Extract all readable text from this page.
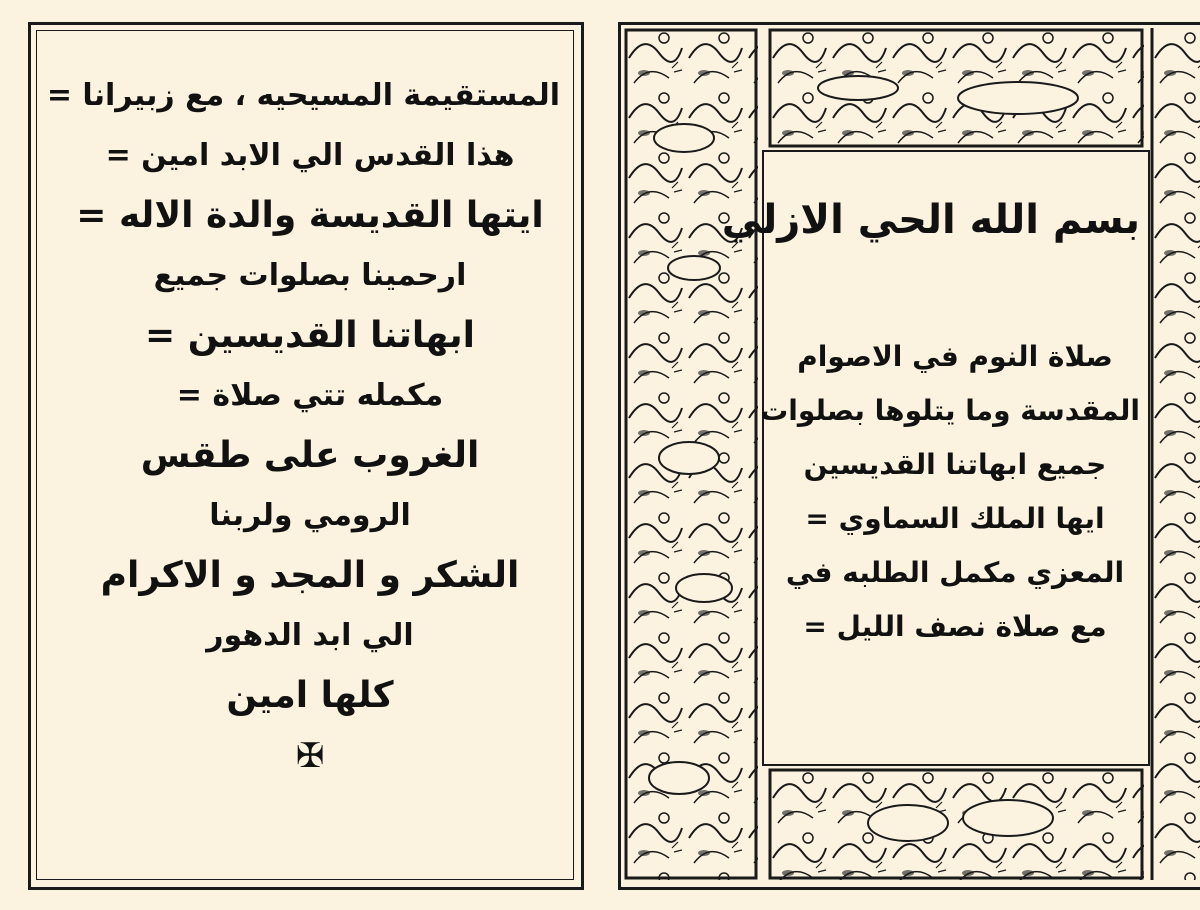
المستقيمة المسيحيه ، مع زبيرانا =
هذا القدس الي الابد امين =
ايتها القديسة والدة الاله =
ارحمينا بصلوات جميع
ابهاتنا القديسين =
مكمله تتي صلاة =
الغروب على طقس
الرومي ولربنا
الشكر و المجد و الاكرام
الي ابد الدهور
كلها امين
✠
بسم الله الحي الازلي
صلاة النوم في الاصوام
المقدسة وما يتلوها بصلوات
جميع ابهاتنا القديسين
ايها الملك السماوي =
المعزي مكمل الطلبه في
مع صلاة نصف الليل =
